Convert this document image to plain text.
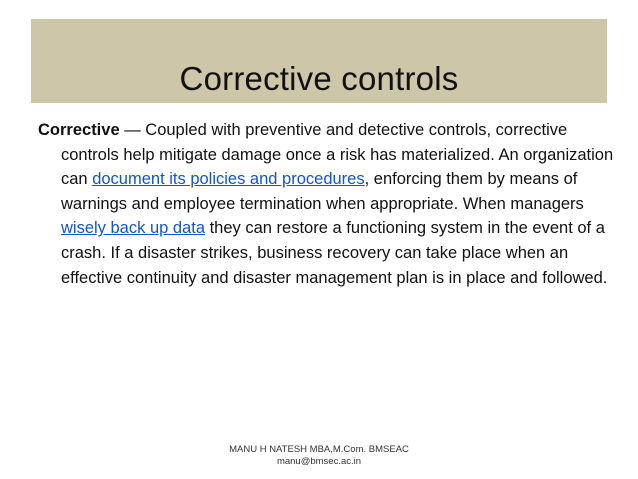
Corrective controls
Corrective — Coupled with preventive and detective controls, corrective controls help mitigate damage once a risk has materialized. An organization can document its policies and procedures, enforcing them by means of warnings and employee termination when appropriate. When managers wisely back up data they can restore a functioning system in the event of a crash. If a disaster strikes, business recovery can take place when an effective continuity and disaster management plan is in place and followed.
MANU H NATESH MBA,M.Com. BMSEAC
manu@bmsec.ac.in
